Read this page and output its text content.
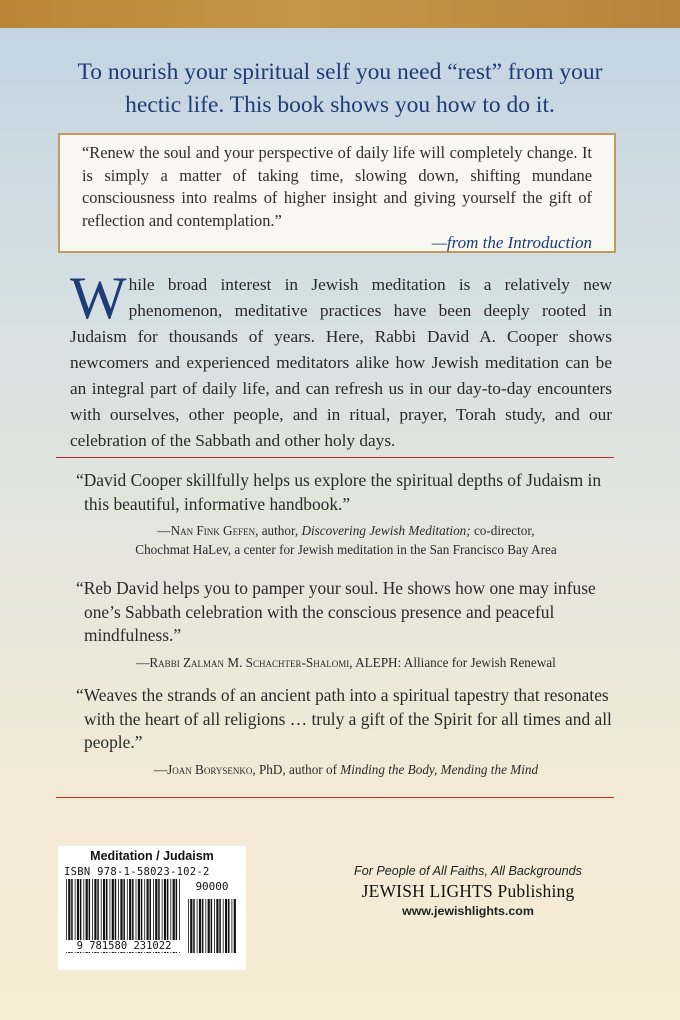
To nourish your spiritual self you need “rest” from your
hectic life. This book shows you how to do it.
“Renew the soul and your perspective of daily life will completely change. It is simply a matter of taking time, slowing down, shifting mundane consciousness into realms of higher insight and giving yourself the gift of reflection and contemplation.”
—from the Introduction
While broad interest in Jewish meditation is a relatively new phenomenon, meditative practices have been deeply rooted in Judaism for thousands of years. Here, Rabbi David A. Cooper shows newcomers and experienced meditators alike how Jewish meditation can be an integral part of daily life, and can refresh us in our day-to-day encounters with ourselves, other people, and in ritual, prayer, Torah study, and our celebration of the Sabbath and other holy days.
“David Cooper skillfully helps us explore the spiritual depths of Judaism in this beautiful, informative handbook.”
—Nan Fink Gefen, author, Discovering Jewish Meditation; co-director,
Chochmat HaLev, a center for Jewish meditation in the San Francisco Bay Area
“Reb David helps you to pamper your soul. He shows how one may infuse one’s Sabbath celebration with the conscious presence and peaceful mindfulness.”
—Rabbi Zalman M. Schachter-Shalomi, ALEPH: Alliance for Jewish Renewal
“Weaves the strands of an ancient path into a spiritual tapestry that resonates with the heart of all religions … truly a gift of the Spirit for all times and all people.”
—Joan Borysenko, PhD, author of Minding the Body, Mending the Mind
Meditation / Judaism
ISBN 978-1-58023-102-2
90000
9 781580 231022
For People of All Faiths, All Backgrounds
JEWISH LIGHTS Publishing
www.jewishlights.com
